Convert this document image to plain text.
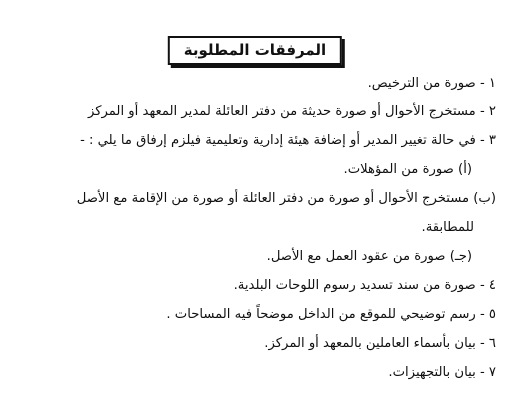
المرفقات المطلوبة
١ - صورة من الترخيص.
٢ - مستخرج الأحوال أو صورة حديثة من دفتر العائلة لمدير المعهد أو المركز
٣ - في حالة تغيير المدير أو إضافة هيئة إدارية وتعليمية فيلزم إرفاق ما يلي : -
(أ) صورة من المؤهلات.
(ب) مستخرج الأحوال أو صورة من دفتر العائلة أو صورة من الإقامة مع الأصل
للمطابقة.
(جـ) صورة من عقود العمل مع الأصل.
٤ - صورة من سند تسديد رسوم اللوحات البلدية.
٥ - رسم توضيحي للموقع من الداخل موضحاً فيه المساحات .
٦ - بيان بأسماء العاملين بالمعهد أو المركز.
٧ - بيان بالتجهيزات.
